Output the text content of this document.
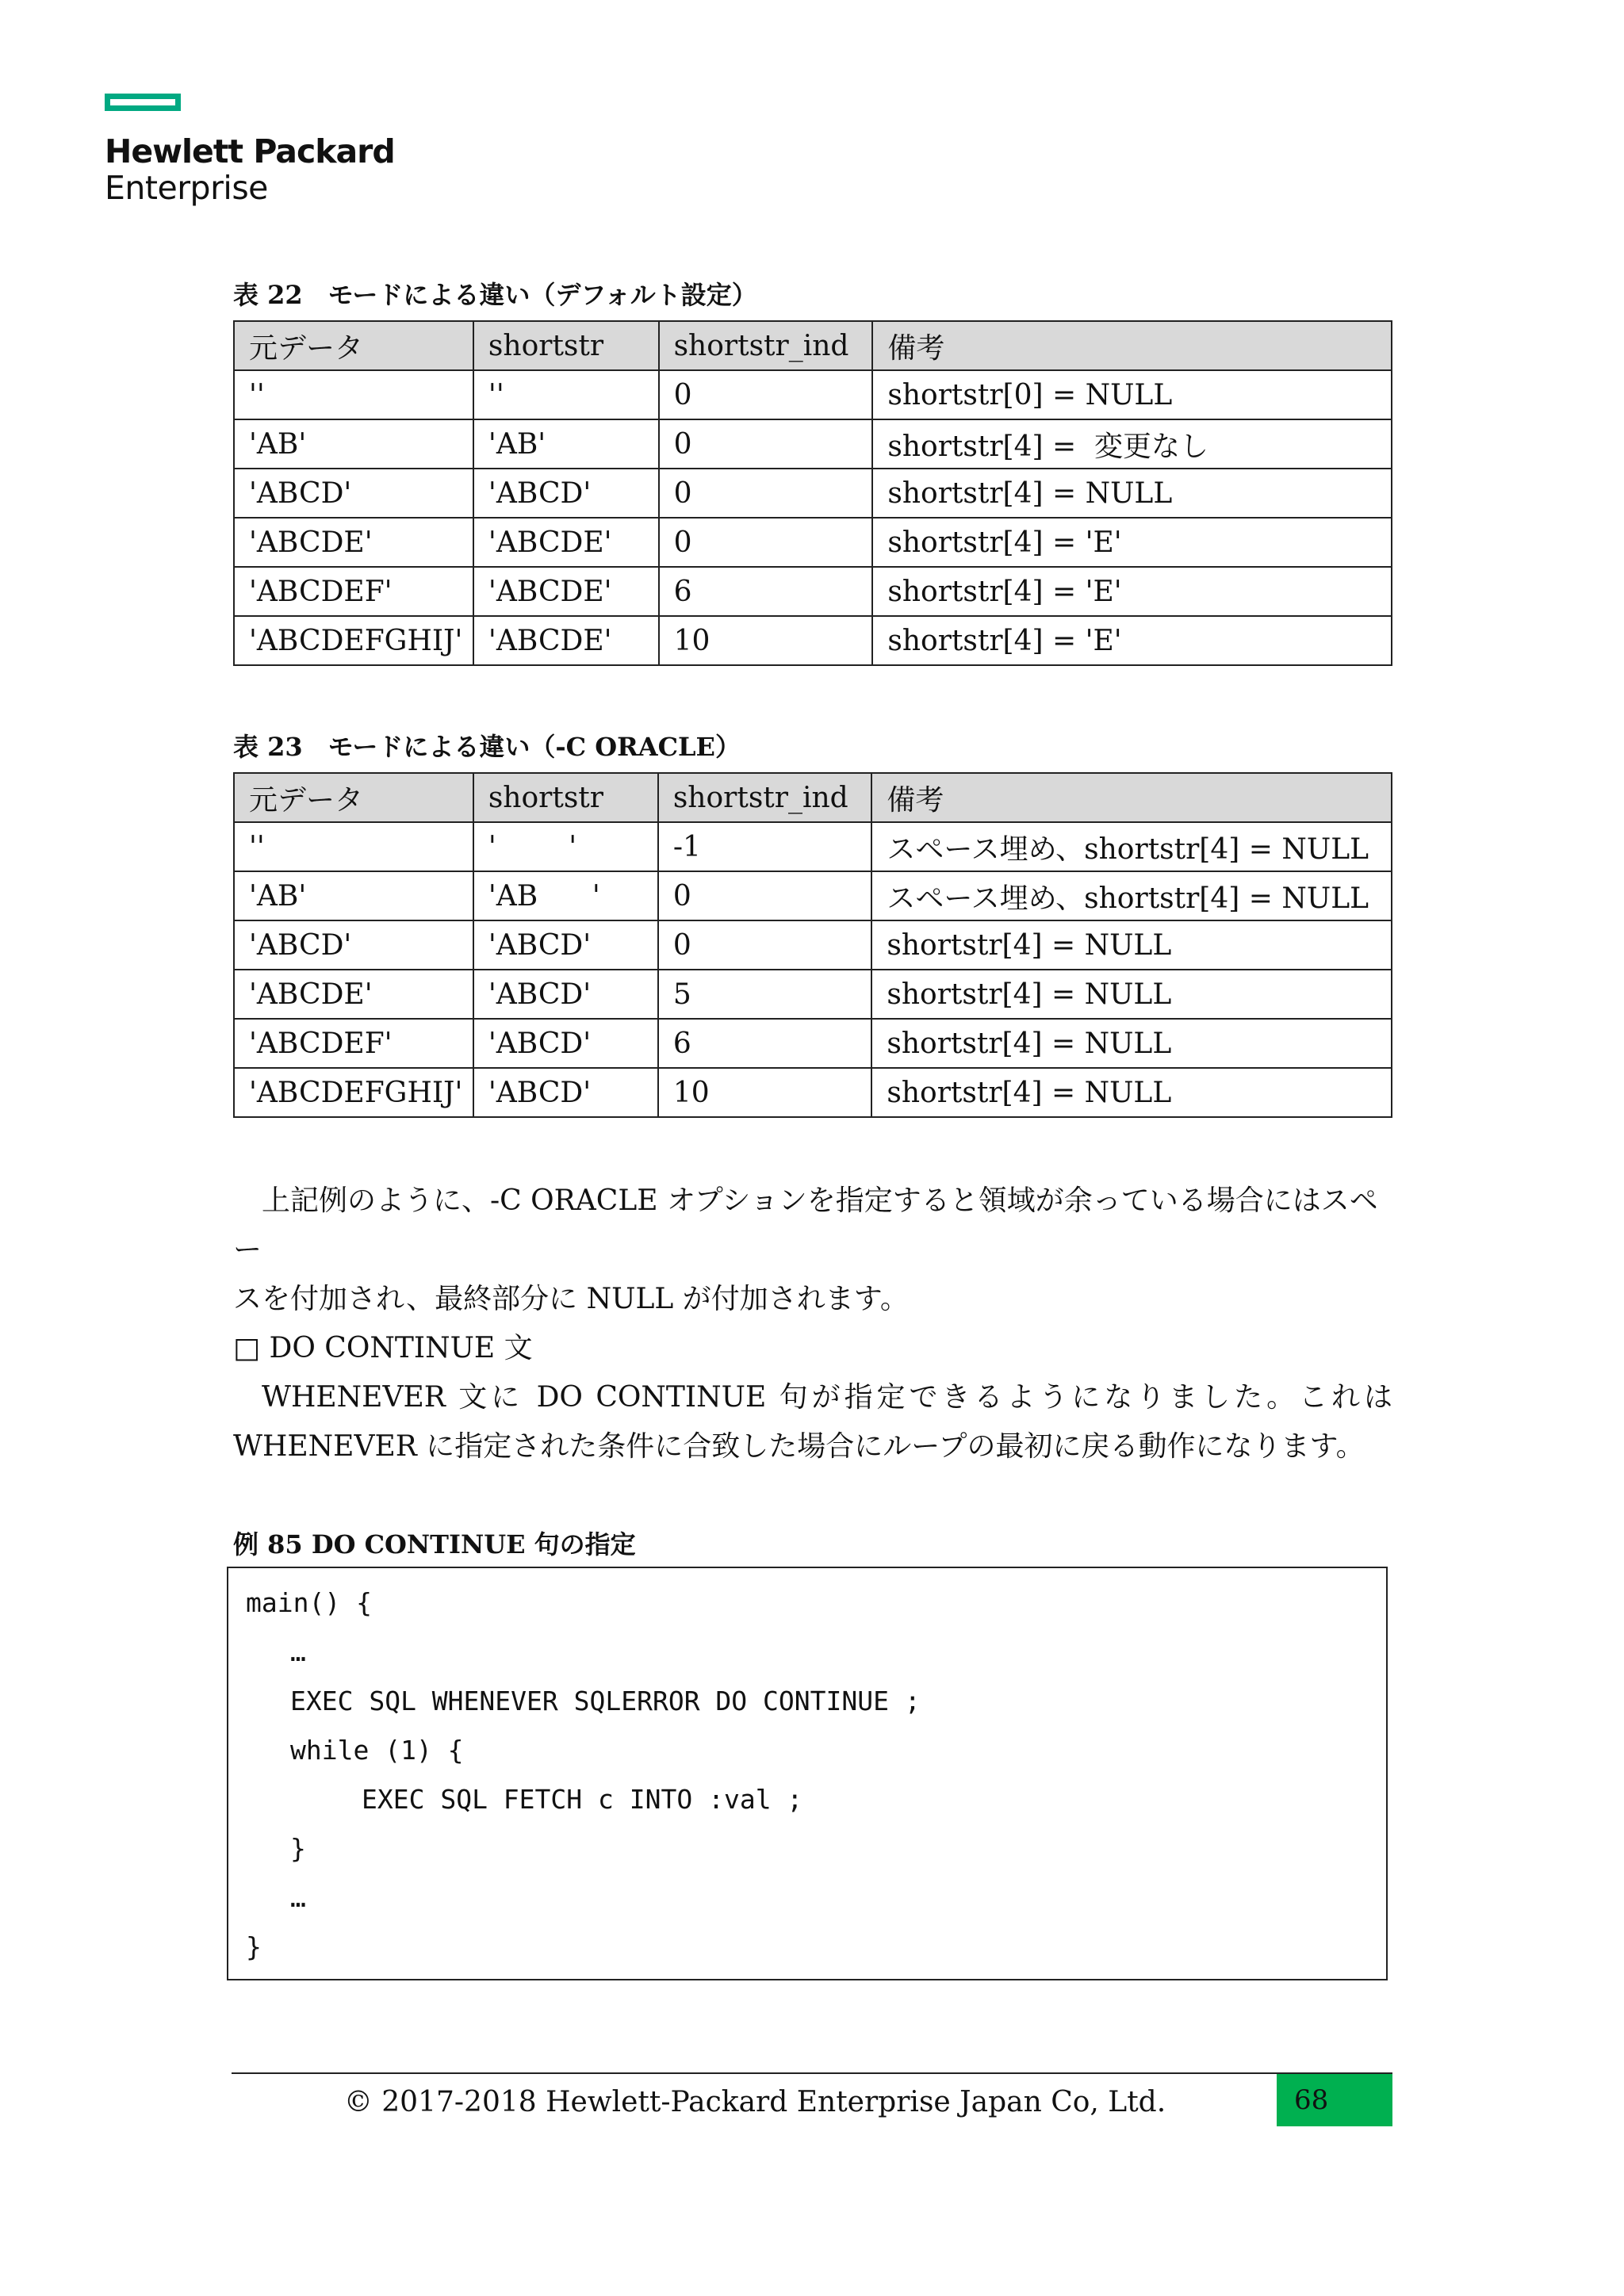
Hewlett Packard
Enterprise
表 22　モードによる違い（デフォルト設定）
元データ	shortstr	shortstr_ind	備考
''	''	0	shortstr[0] = NULL
'AB'	'AB'	0	shortstr[4] =  変更なし
'ABCD'	'ABCD'	0	shortstr[4] = NULL
'ABCDE'	'ABCDE'	0	shortstr[4] = 'E'
'ABCDEF'	'ABCDE'	6	shortstr[4] = 'E'
'ABCDEFGHIJ'	'ABCDE'	10	shortstr[4] = 'E'
表 23　モードによる違い（-C ORACLE）
元データ	shortstr	shortstr_ind	備考
''	'        '	-1	スペース埋め、shortstr[4] = NULL
'AB'	'AB      '	0	スペース埋め、shortstr[4] = NULL
'ABCD'	'ABCD'	0	shortstr[4] = NULL
'ABCDE'	'ABCD'	5	shortstr[4] = NULL
'ABCDEF'	'ABCD'	6	shortstr[4] = NULL
'ABCDEFGHIJ'	'ABCD'	10	shortstr[4] = NULL
上記例のように、-C ORACLE オプションを指定すると領域が余っている場合にはスペー
スを付加され、最終部分に NULL が付加されます。
□ DO CONTINUE 文
WHENEVER 文に DO CONTINUE 句が指定できるようになりました。これは
WHENEVER に指定された条件に合致した場合にループの最初に戻る動作になります。
例 85 DO CONTINUE 句の指定
main() {
…
EXEC SQL WHENEVER SQLERROR DO CONTINUE ;
while (1) {
EXEC SQL FETCH c INTO :val ;
}
…
}
© 2017-2018 Hewlett-Packard Enterprise Japan Co, Ltd.	68
